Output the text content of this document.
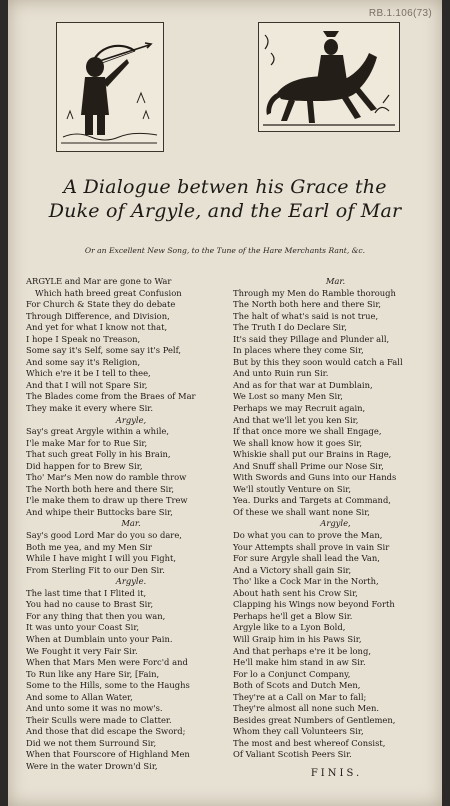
RB.1.106(73)
A Dialogue betwen his Grace the
Duke of Argyle, and the Earl of Mar
Or an Excellent New Song, to the Tune of the Hare Merchants Rant, &c.
ARGYLE and Mar are gone to War
Which hath breed great Confusion
For Church & State they do debate
Through Difference, and Division,
And yet for what I know not that,
I hope I Speak no Treason,
Some say it's Self, some say it's Pelf,
And some say it's Religion,
Which e're it be I tell to thee,
And that I will not Spare Sir,
The Blades come from the Braes of Mar
They make it every where Sir.
Argyle,
Say's great Argyle within a while,
I'le make Mar for to Rue Sir,
That such great Folly in his Brain,
Did happen for to Brew Sir,
Tho' Mar's Men now do ramble throw
The North both here and there Sir,
I'le make them to draw up there Trew
And whipe their Buttocks bare Sir,
Mar.
Say's good Lord Mar do you so dare,
Both me yea, and my Men Sir
While I have might I will you Fight,
From Sterling Fit to our Den Sir.
Argyle.
The last time that I Flited it,
You had no cause to Brast Sir,
For any thing that then you wan,
It was unto your Coast Sir,
When at Dumblain unto your Pain.
We Fought it very Fair Sir.
When that Mars Men were Forc'd and
To Run like any Hare Sir, [Fain,
Some to the Hills, some to the Haughs
And some to Allan Water,
And unto some it was no mow's.
Their Sculls were made to Clatter.
And those that did escape the Sword;
Did we not them Surround Sir,
When that Fourscore of Highland Men
Were in the water Drown'd Sir,
Mar.
Through my Men do Ramble thorough
The North both here and there Sir,
The halt of what's said is not true,
The Truth I do Declare Sir,
It's said they Pillage and Plunder all,
In places where they come Sir,
But by this they soon would catch a Fall
And unto Ruin run Sir.
And as for that war at Dumblain,
We Lost so many Men Sir,
Perhaps we may Recruit again,
And that we'll let you ken Sir,
If that once more we shall Engage,
We shall know how it goes Sir,
Whiskie shall put our Brains in Rage,
And Snuff shall Prime our Nose Sir,
With Swords and Guns into our Hands
We'll stoutly Venture on Sir,
Yea. Durks and Targets at Command,
Of these we shall want none Sir,
Argyle,
Do what you can to prove the Man,
Your Attempts shall prove in vain Sir
For sure Argyle shall lead the Van,
And a Victory shall gain Sir,
Tho' like a Cock Mar in the North,
About hath sent his Crow Sir,
Clapping his Wings now beyond Forth
Perhaps he'll get a Blow Sir.
Argyle like to a Lyon Bold,
Will Graip him in his Paws Sir,
And that perhaps e're it be long,
He'll make him stand in aw Sir.
For lo a Conjunct Company,
Both of Scots and Dutch Men,
They're at a Call on Mar to fall;
They're almost all none such Men.
Besides great Numbers of Gentlemen,
Whom they call Volunteers Sir,
The most and best whereof Consist,
Of Valiant Scotish Peers Sir.
FINIS.
